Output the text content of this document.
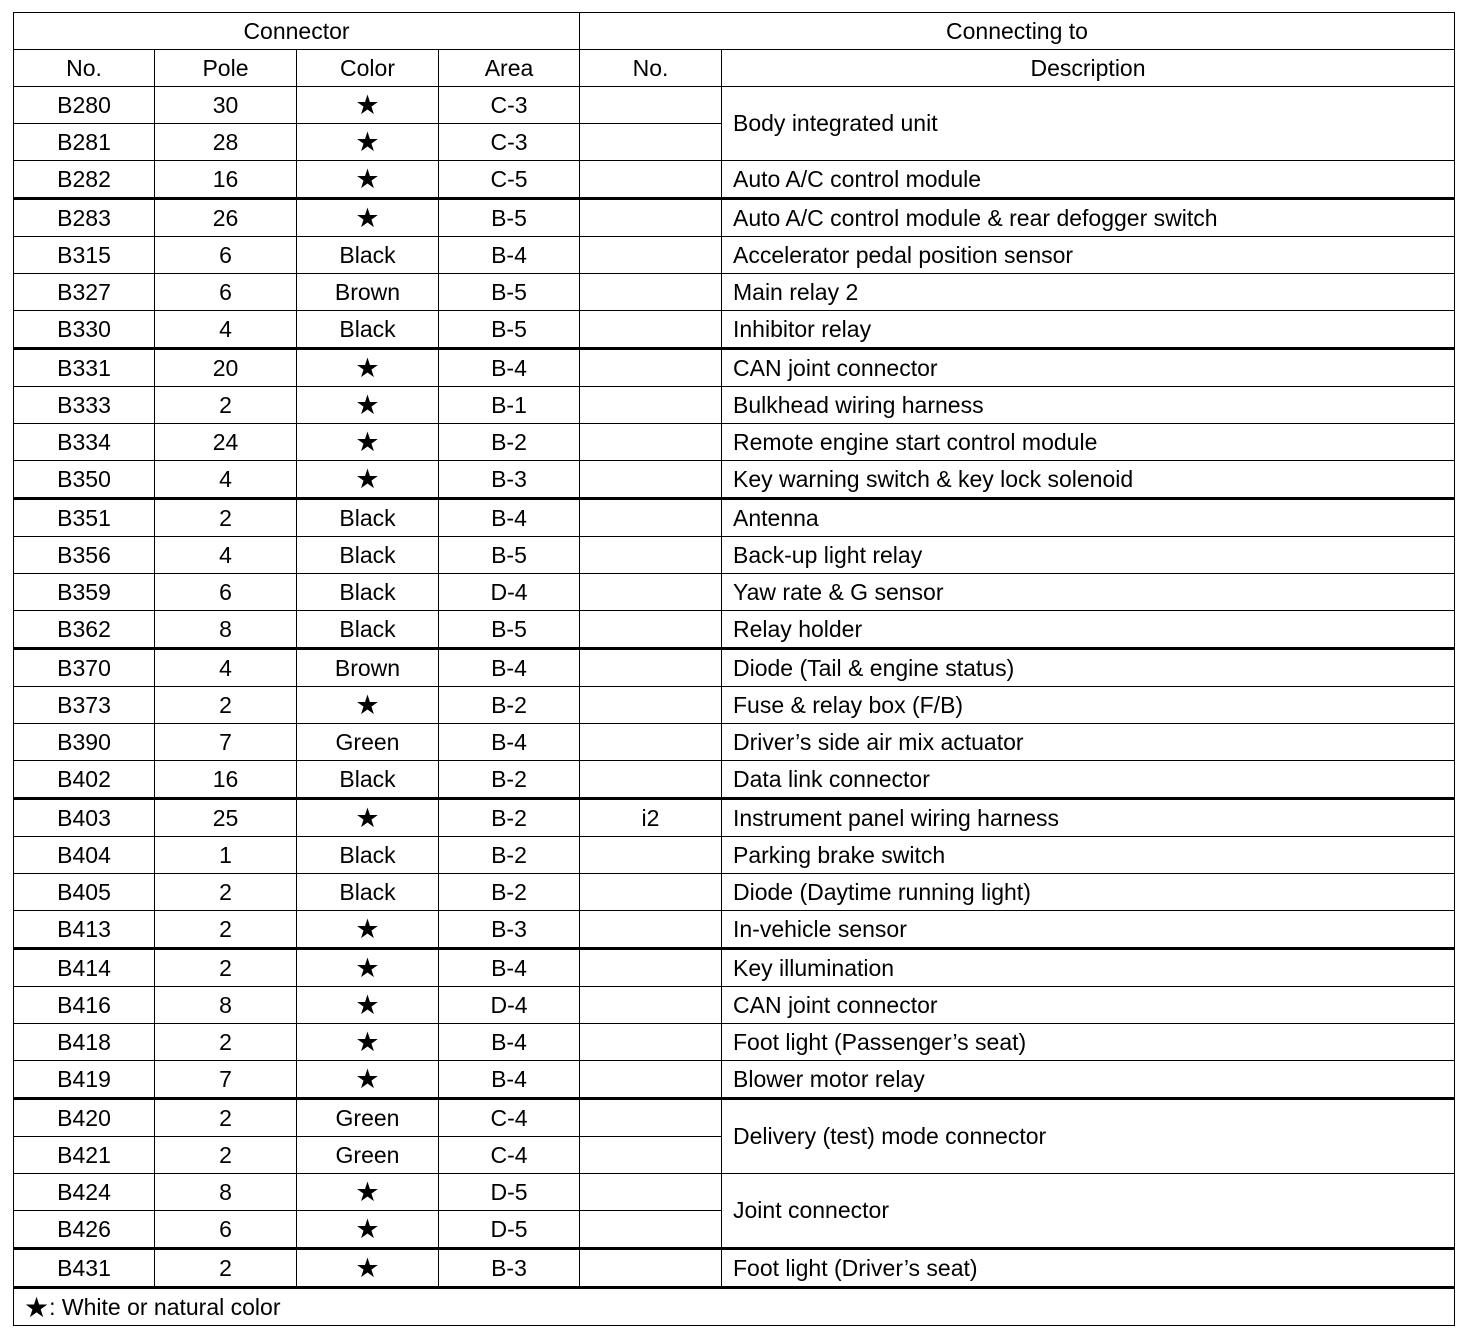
Connector				Connecting to	
No.	Pole	Color	Area	No.	Description
B280	30	★	C-3		Body integrated unit
B281	28	★	C-3		
B282	16	★	C-5		Auto A/C control module
B283	26	★	B-5		Auto A/C control module & rear defogger switch
B315	6	Black	B-4		Accelerator pedal position sensor
B327	6	Brown	B-5		Main relay 2
B330	4	Black	B-5		Inhibitor relay
B331	20	★	B-4		CAN joint connector
B333	2	★	B-1		Bulkhead wiring harness
B334	24	★	B-2		Remote engine start control module
B350	4	★	B-3		Key warning switch & key lock solenoid
B351	2	Black	B-4		Antenna
B356	4	Black	B-5		Back-up light relay
B359	6	Black	D-4		Yaw rate & G sensor
B362	8	Black	B-5		Relay holder
B370	4	Brown	B-4		Diode (Tail & engine status)
B373	2	★	B-2		Fuse & relay box (F/B)
B390	7	Green	B-4		Driver’s side air mix actuator
B402	16	Black	B-2		Data link connector
B403	25	★	B-2	i2	Instrument panel wiring harness
B404	1	Black	B-2		Parking brake switch
B405	2	Black	B-2		Diode (Daytime running light)
B413	2	★	B-3		In-vehicle sensor
B414	2	★	B-4		Key illumination
B416	8	★	D-4		CAN joint connector
B418	2	★	B-4		Foot light (Passenger’s seat)
B419	7	★	B-4		Blower motor relay
B420	2	Green	C-4		Delivery (test) mode connector
B421	2	Green	C-4		
B424	8	★	D-5		Joint connector
B426	6	★	D-5		
B431	2	★	B-3		Foot light (Driver’s seat)
★: White or natural color					
